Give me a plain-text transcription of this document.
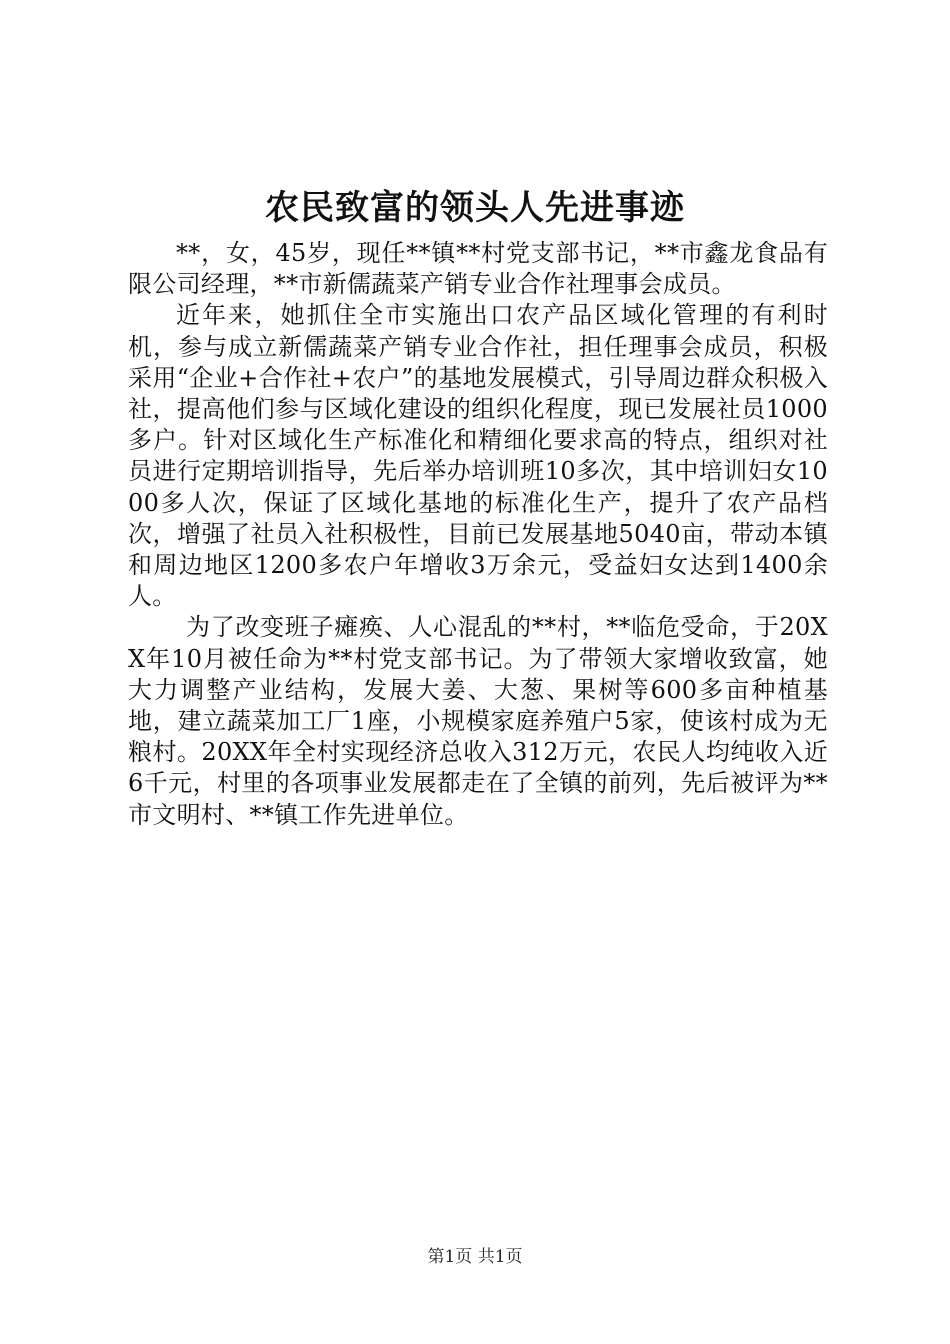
农民致富的领头人先进事迹

**，女，45岁，现任**镇**村党支部书记，**市鑫龙食品有限公司经理，**市新儒蔬菜产销专业合作社理事会成员。

近年来，她抓住全市实施出口农产品区域化管理的有利时机，参与成立新儒蔬菜产销专业合作社，担任理事会成员，积极采用“企业+合作社+农户”的基地发展模式，引导周边群众积极入社，提高他们参与区域化建设的组织化程度，现已发展社员1000多户。针对区域化生产标准化和精细化要求高的特点，组织对社员进行定期培训指导，先后举办培训班10多次，其中培训妇女1000多人次，保证了区域化基地的标准化生产，提升了农产品档次，增强了社员入社积极性，目前已发展基地5040亩，带动本镇和周边地区1200多农户年增收3万余元，受益妇女达到1400余人。

为了改变班子瘫痪、人心混乱的**村，**临危受命，于20XX年10月被任命为**村党支部书记。为了带领大家增收致富，她大力调整产业结构，发展大姜、大葱、果树等600多亩种植基地，建立蔬菜加工厂1座，小规模家庭养殖户5家，使该村成为无粮村。20XX年全村实现经济总收入312万元，农民人均纯收入近6千元，村里的各项事业发展都走在了全镇的前列，先后被评为**市文明村、**镇工作先进单位。

第1页 共1页
